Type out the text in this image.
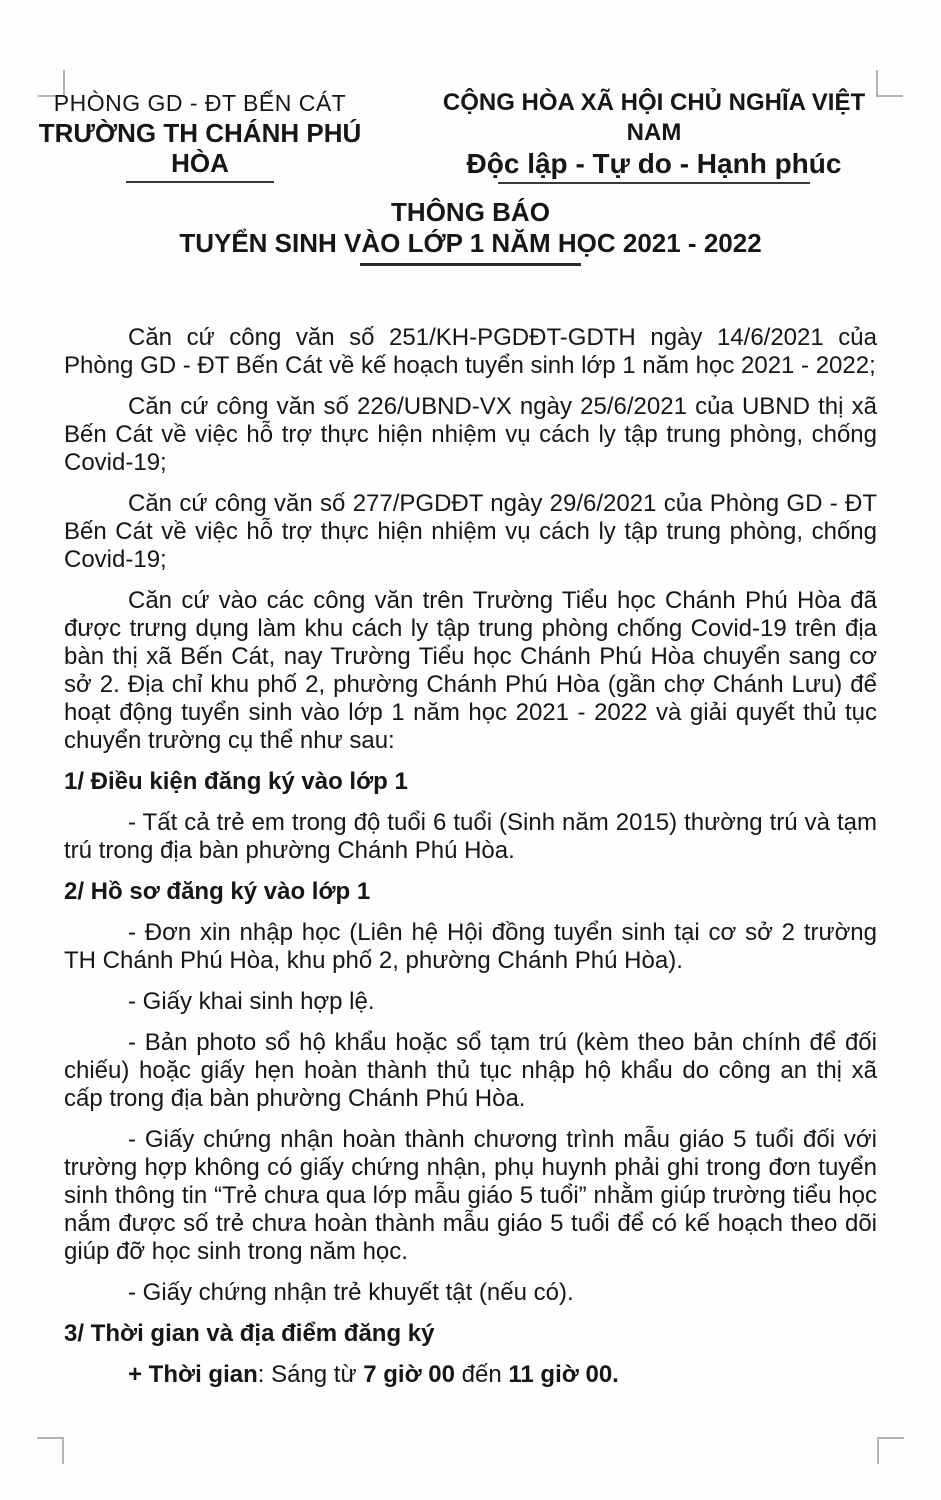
PHÒNG GD - ĐT BẾN CÁT
TRƯỜNG TH CHÁNH PHÚ HÒA
CỘNG HÒA XÃ HỘI CHỦ NGHĨA VIỆT NAM
Độc lập - Tự do - Hạnh phúc
THÔNG BÁO
TUYỂN SINH VÀO LỚP 1 NĂM HỌC 2021 - 2022

Căn cứ công văn số 251/KH-PGDĐT-GDTH ngày 14/6/2021 của Phòng GD - ĐT Bến Cát về kế hoạch tuyển sinh lớp 1 năm học 2021 - 2022;

Căn cứ công văn số 226/UBND-VX ngày 25/6/2021 của UBND thị xã Bến Cát về việc hỗ trợ thực hiện nhiệm vụ cách ly tập trung phòng, chống Covid-19;

Căn cứ công văn số 277/PGDĐT ngày 29/6/2021 của Phòng GD - ĐT Bến Cát về việc hỗ trợ thực hiện nhiệm vụ cách ly tập trung phòng, chống Covid-19;

Căn cứ vào các công văn trên Trường Tiểu học Chánh Phú Hòa đã được trưng dụng làm khu cách ly tập trung phòng chống Covid-19 trên địa bàn thị xã Bến Cát, nay Trường Tiểu học Chánh Phú Hòa chuyển sang cơ sở 2. Địa chỉ khu phố 2, phường Chánh Phú Hòa (gần chợ Chánh Lưu) để hoạt động tuyển sinh vào lớp 1 năm học 2021 - 2022 và giải quyết thủ tục chuyển trường cụ thể như sau:

1/ Điều kiện đăng ký vào lớp 1

- Tất cả trẻ em trong độ tuổi 6 tuổi (Sinh năm 2015) thường trú và tạm trú trong địa bàn phường Chánh Phú Hòa.

2/ Hồ sơ đăng ký vào lớp 1

- Đơn xin nhập học (Liên hệ Hội đồng tuyển sinh tại cơ sở 2 trường TH Chánh Phú Hòa, khu phố 2, phường Chánh Phú Hòa).

- Giấy khai sinh hợp lệ.

- Bản photo sổ hộ khẩu hoặc sổ tạm trú (kèm theo bản chính để đối chiếu) hoặc giấy hẹn hoàn thành thủ tục nhập hộ khẩu do công an thị xã cấp trong địa bàn phường Chánh Phú Hòa.

- Giấy chứng nhận hoàn thành chương trình mẫu giáo 5 tuổi đối với trường hợp không có giấy chứng nhận, phụ huynh phải ghi trong đơn tuyển sinh thông tin “Trẻ chưa qua lớp mẫu giáo 5 tuổi” nhằm giúp trường tiểu học nắm được số trẻ chưa hoàn thành mẫu giáo 5 tuổi để có kế hoạch theo dõi giúp đỡ học sinh trong năm học.

- Giấy chứng nhận trẻ khuyết tật (nếu có).

3/ Thời gian và địa điểm đăng ký

+ Thời gian: Sáng từ 7 giờ 00 đến 11 giờ 00.
